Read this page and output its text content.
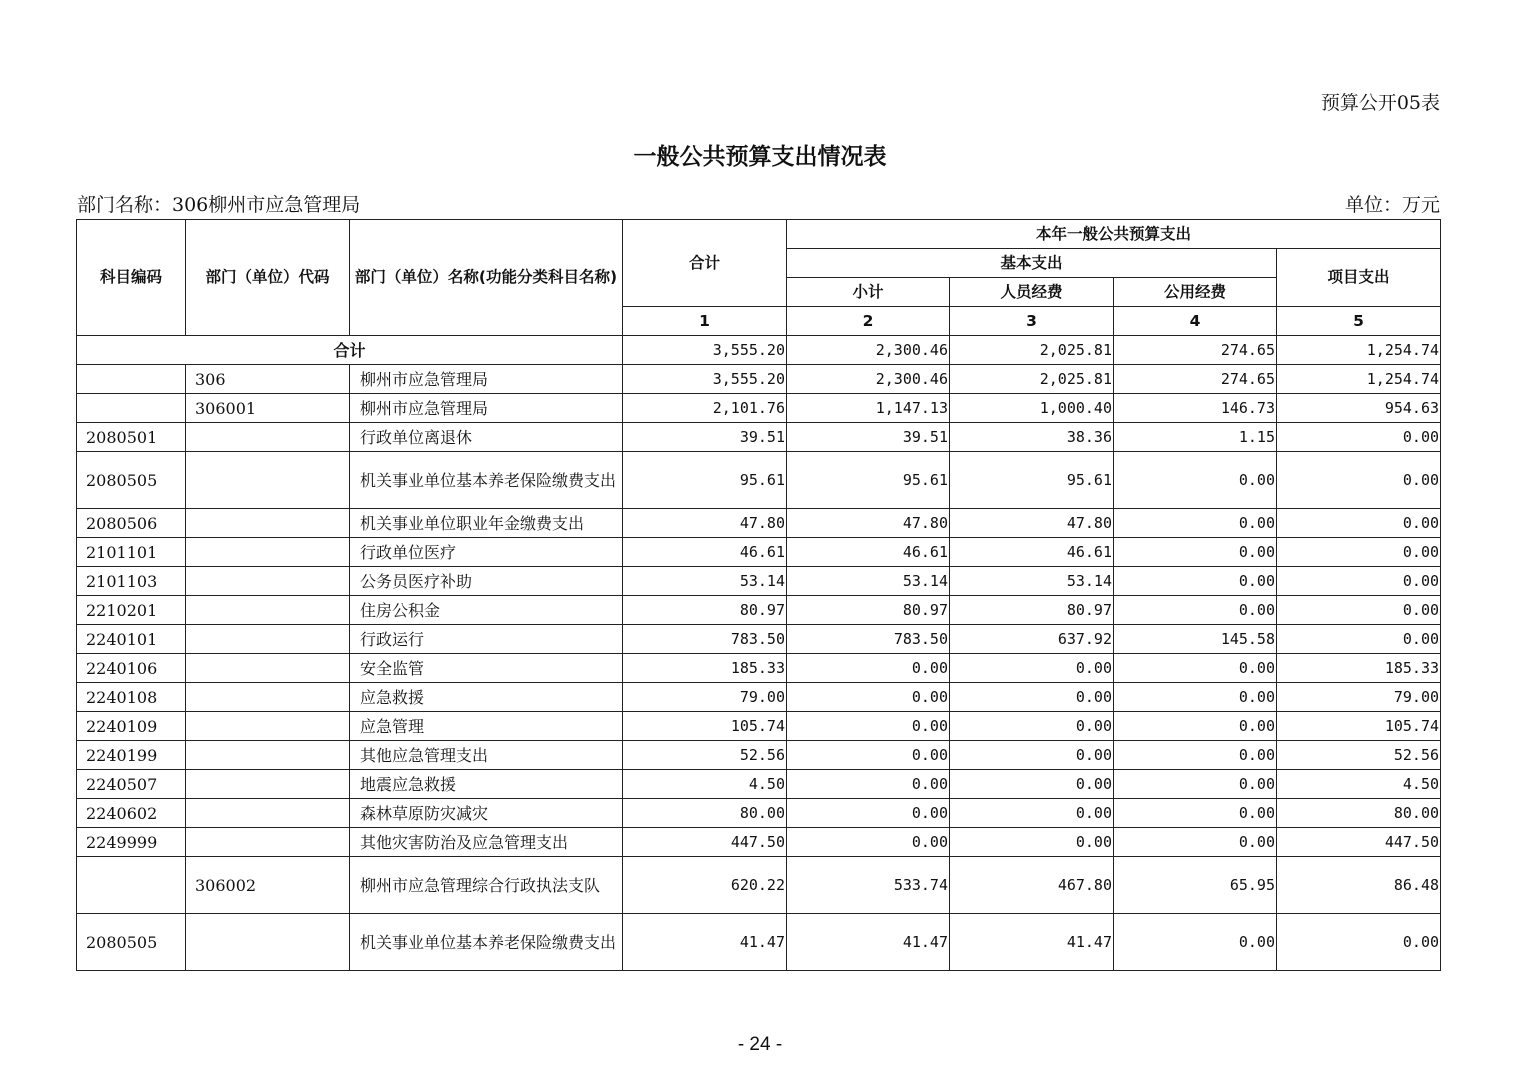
预算公开05表
一般公共预算支出情况表
部门名称：306柳州市应急管理局	单位：万元
科目编码	部门（单位）代码	部门（单位）名称(功能分类科目名称)	合计	本年一般公共预算支出			
				基本支出			项目支出
				小计	人员经费	公用经费	
			1	2	3	4	5
合计			3,555.20	2,300.46	2,025.81	274.65	1,254.74
	306	柳州市应急管理局	3,555.20	2,300.46	2,025.81	274.65	1,254.74
	306001	柳州市应急管理局	2,101.76	1,147.13	1,000.40	146.73	954.63
2080501		行政单位离退休	39.51	39.51	38.36	1.15	0.00
2080505		机关事业单位基本养老保险缴费支出	95.61	95.61	95.61	0.00	0.00
2080506		机关事业单位职业年金缴费支出	47.80	47.80	47.80	0.00	0.00
2101101		行政单位医疗	46.61	46.61	46.61	0.00	0.00
2101103		公务员医疗补助	53.14	53.14	53.14	0.00	0.00
2210201		住房公积金	80.97	80.97	80.97	0.00	0.00
2240101		行政运行	783.50	783.50	637.92	145.58	0.00
2240106		安全监管	185.33	0.00	0.00	0.00	185.33
2240108		应急救援	79.00	0.00	0.00	0.00	79.00
2240109		应急管理	105.74	0.00	0.00	0.00	105.74
2240199		其他应急管理支出	52.56	0.00	0.00	0.00	52.56
2240507		地震应急救援	4.50	0.00	0.00	0.00	4.50
2240602		森林草原防灾减灾	80.00	0.00	0.00	0.00	80.00
2249999		其他灾害防治及应急管理支出	447.50	0.00	0.00	0.00	447.50
	306002	柳州市应急管理综合行政执法支队	620.22	533.74	467.80	65.95	86.48
2080505		机关事业单位基本养老保险缴费支出	41.47	41.47	41.47	0.00	0.00
- 24 -
